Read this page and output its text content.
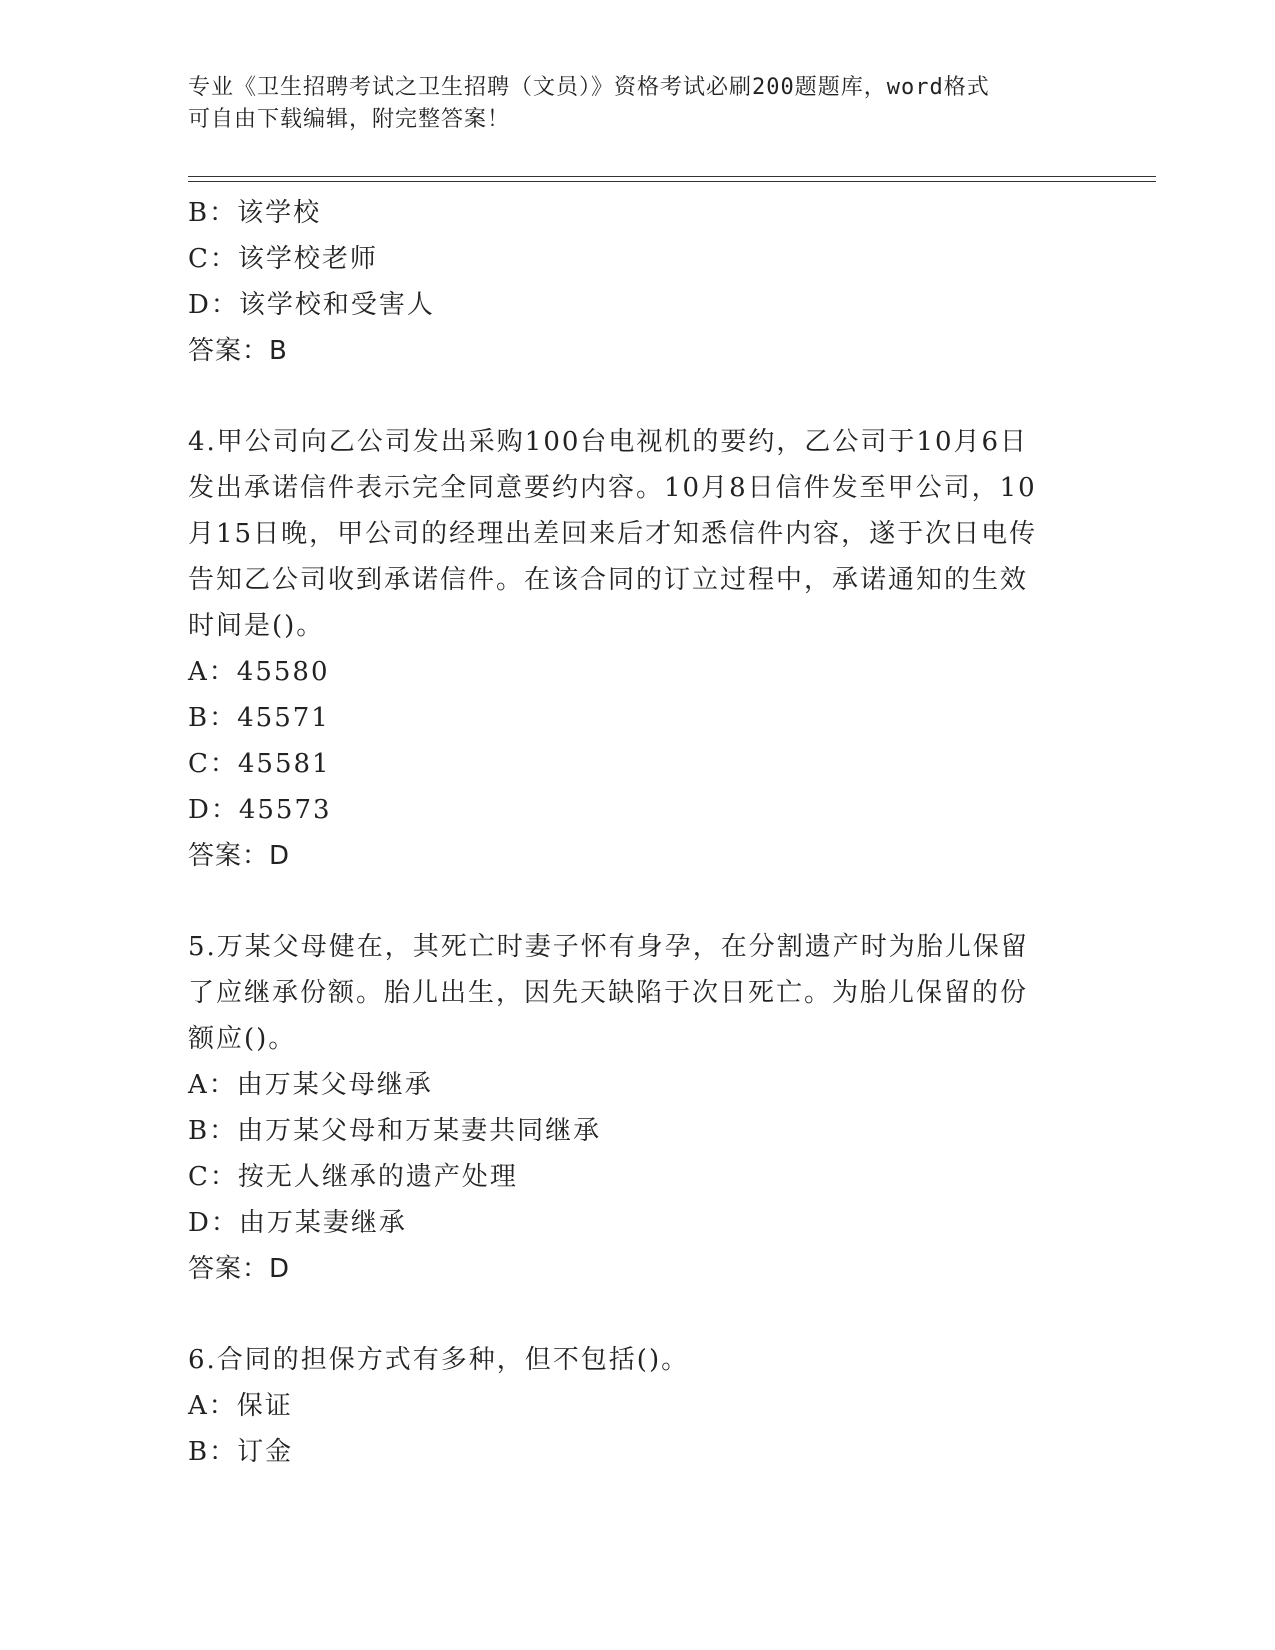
专业《卫生招聘考试之卫生招聘（文员）》资格考试必刷200题题库，word格式
可自由下载编辑，附完整答案！
B：该学校
C：该学校老师
D：该学校和受害人
答案：B
4.甲公司向乙公司发出采购100台电视机的要约，乙公司于10月6日
发出承诺信件表示完全同意要约内容。10月8日信件发至甲公司，10
月15日晚，甲公司的经理出差回来后才知悉信件内容，遂于次日电传
告知乙公司收到承诺信件。在该合同的订立过程中，承诺通知的生效
时间是()。
A：45580
B：45571
C：45581
D：45573
答案：D
5.万某父母健在，其死亡时妻子怀有身孕，在分割遗产时为胎儿保留
了应继承份额。胎儿出生，因先天缺陷于次日死亡。为胎儿保留的份
额应()。
A：由万某父母继承
B：由万某父母和万某妻共同继承
C：按无人继承的遗产处理
D：由万某妻继承
答案：D
6.合同的担保方式有多种，但不包括()。
A：保证
B：订金
